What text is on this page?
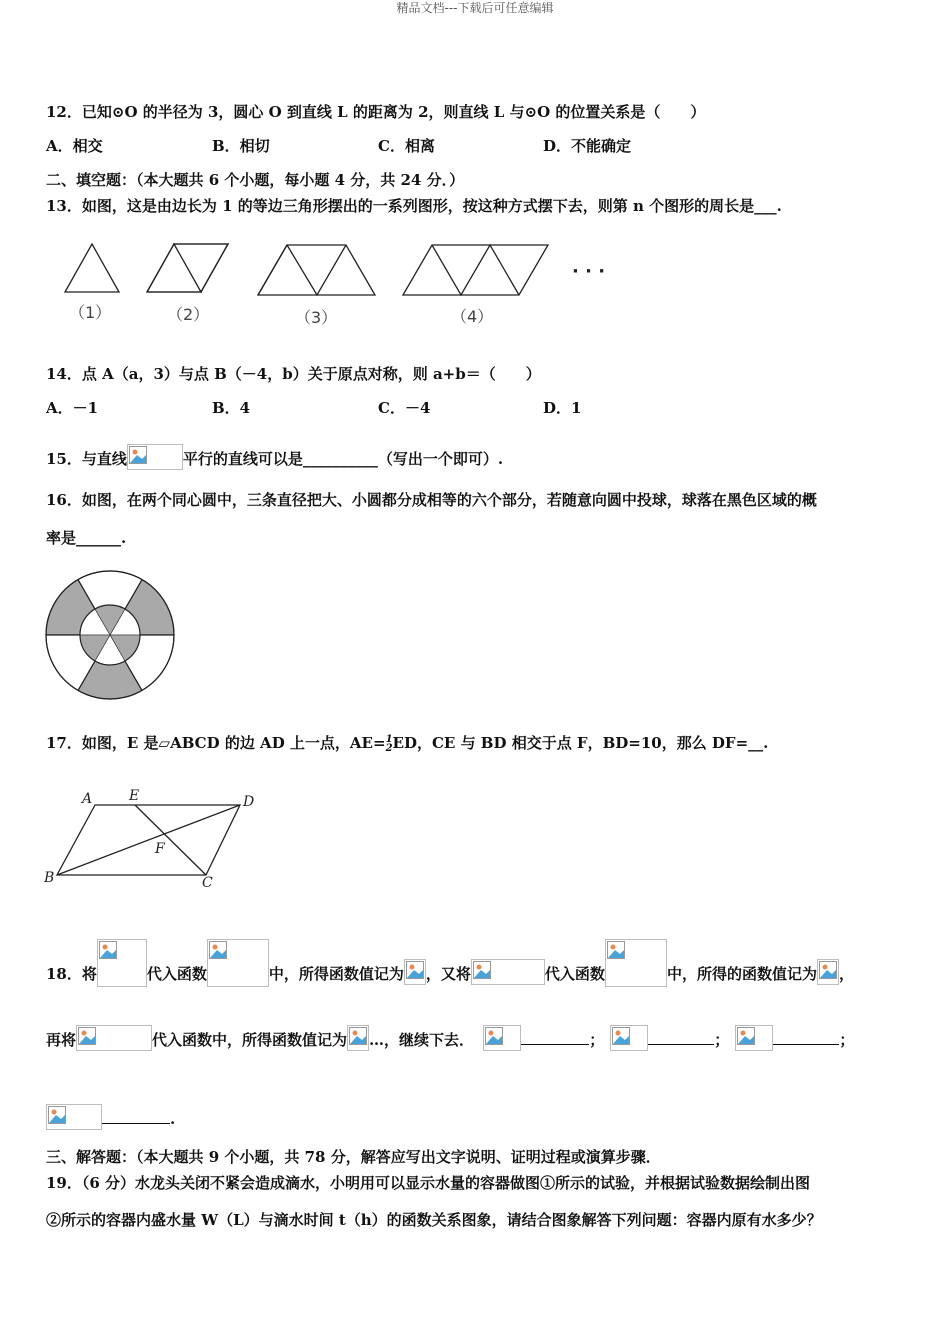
精品文档---下载后可任意编辑
12．已知⊙O 的半径为 3，圆心 O 到直线 L 的距离为 2，则直线 L 与⊙O 的位置关系是（　　）
A．相交	B．相切	C．相离	D．不能确定
二、填空题：（本大题共 6 个小题，每小题 4 分，共 24 分．）
13．如图，这是由边长为 1 的等边三角形摆出的一系列图形，按这种方式摆下去，则第 n 个图形的周长是___.
（1）	（2）	（3）	（4）
· · ·
14．点 A（a，3）与点 B（－4，b）关于原点对称，则 a+b＝（　　）
A．－1	B．4	C．－4	D．1
15．与直线	平行的直线可以是__________（写出一个即可）.
16．如图，在两个同心圆中，三条直径把大、小圆都分成相等的六个部分，若随意向圆中投球，球落在黑色区域的概
率是______.
17．如图，E 是▱ABCD 的边 AD 上一点，AE=1
2ED，CE 与 BD 相交于点 F，BD=10，那么 DF=__.
A	E	D
B	C
F
18．将	代入函数	中，所得函数值记为 ，又将	代入函数	中，所得的函数值记为 ，
再将	代入函数中，所得函数值记为 …，继续下去．	；	；	；
.
三、解答题：（本大题共 9 个小题，共 78 分，解答应写出文字说明、证明过程或演算步骤．
19．（6 分）水龙头关闭不紧会造成滴水，小明用可以显示水量的容器做图①所示的试验，并根据试验数据绘制出图
②所示的容器内盛水量 W（L）与滴水时间 t（h）的函数关系图象，请结合图象解答下列问题：容器内原有水多少？
